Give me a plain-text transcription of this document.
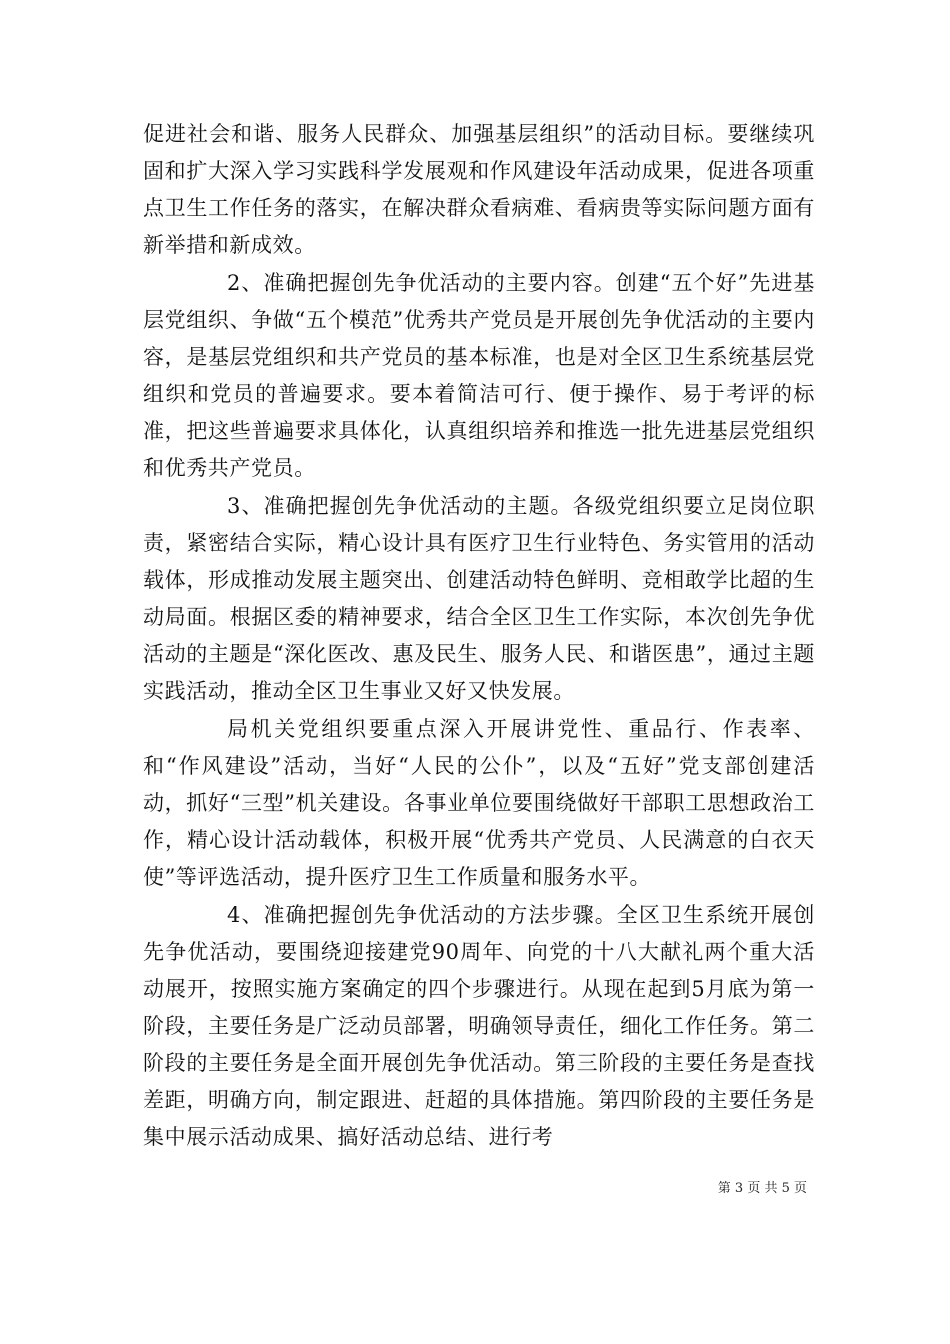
促进社会和谐、服务人民群众、加强基层组织”的活动目标。要继续巩固和扩大深入学习实践科学发展观和作风建设年活动成果，促进各项重点卫生工作任务的落实，在解决群众看病难、看病贵等实际问题方面有新举措和新成效。

2、准确把握创先争优活动的主要内容。创建“五个好”先进基层党组织、争做“五个模范”优秀共产党员是开展创先争优活动的主要内容，是基层党组织和共产党员的基本标准，也是对全区卫生系统基层党组织和党员的普遍要求。要本着简洁可行、便于操作、易于考评的标准，把这些普遍要求具体化，认真组织培养和推选一批先进基层党组织和优秀共产党员。

3、准确把握创先争优活动的主题。各级党组织要立足岗位职责，紧密结合实际，精心设计具有医疗卫生行业特色、务实管用的活动载体，形成推动发展主题突出、创建活动特色鲜明、竞相敢学比超的生动局面。根据区委的精神要求，结合全区卫生工作实际，本次创先争优活动的主题是“深化医改、惠及民生、服务人民、和谐医患”，通过主题实践活动，推动全区卫生事业又好又快发展。

局机关党组织要重点深入开展讲党性、重品行、作表率、和“作风建设”活动，当好“人民的公仆”，以及“五好”党支部创建活动，抓好“三型”机关建设。各事业单位要围绕做好干部职工思想政治工作，精心设计活动载体，积极开展“优秀共产党员、人民满意的白衣天使”等评选活动，提升医疗卫生工作质量和服务水平。

4、准确把握创先争优活动的方法步骤。全区卫生系统开展创先争优活动，要围绕迎接建党90周年、向党的十八大献礼两个重大活动展开，按照实施方案确定的四个步骤进行。从现在起到5月底为第一阶段，主要任务是广泛动员部署，明确领导责任，细化工作任务。第二阶段的主要任务是全面开展创先争优活动。第三阶段的主要任务是查找差距，明确方向，制定跟进、赶超的具体措施。第四阶段的主要任务是集中展示活动成果、搞好活动总结、进行考

第 3 页 共 5 页
